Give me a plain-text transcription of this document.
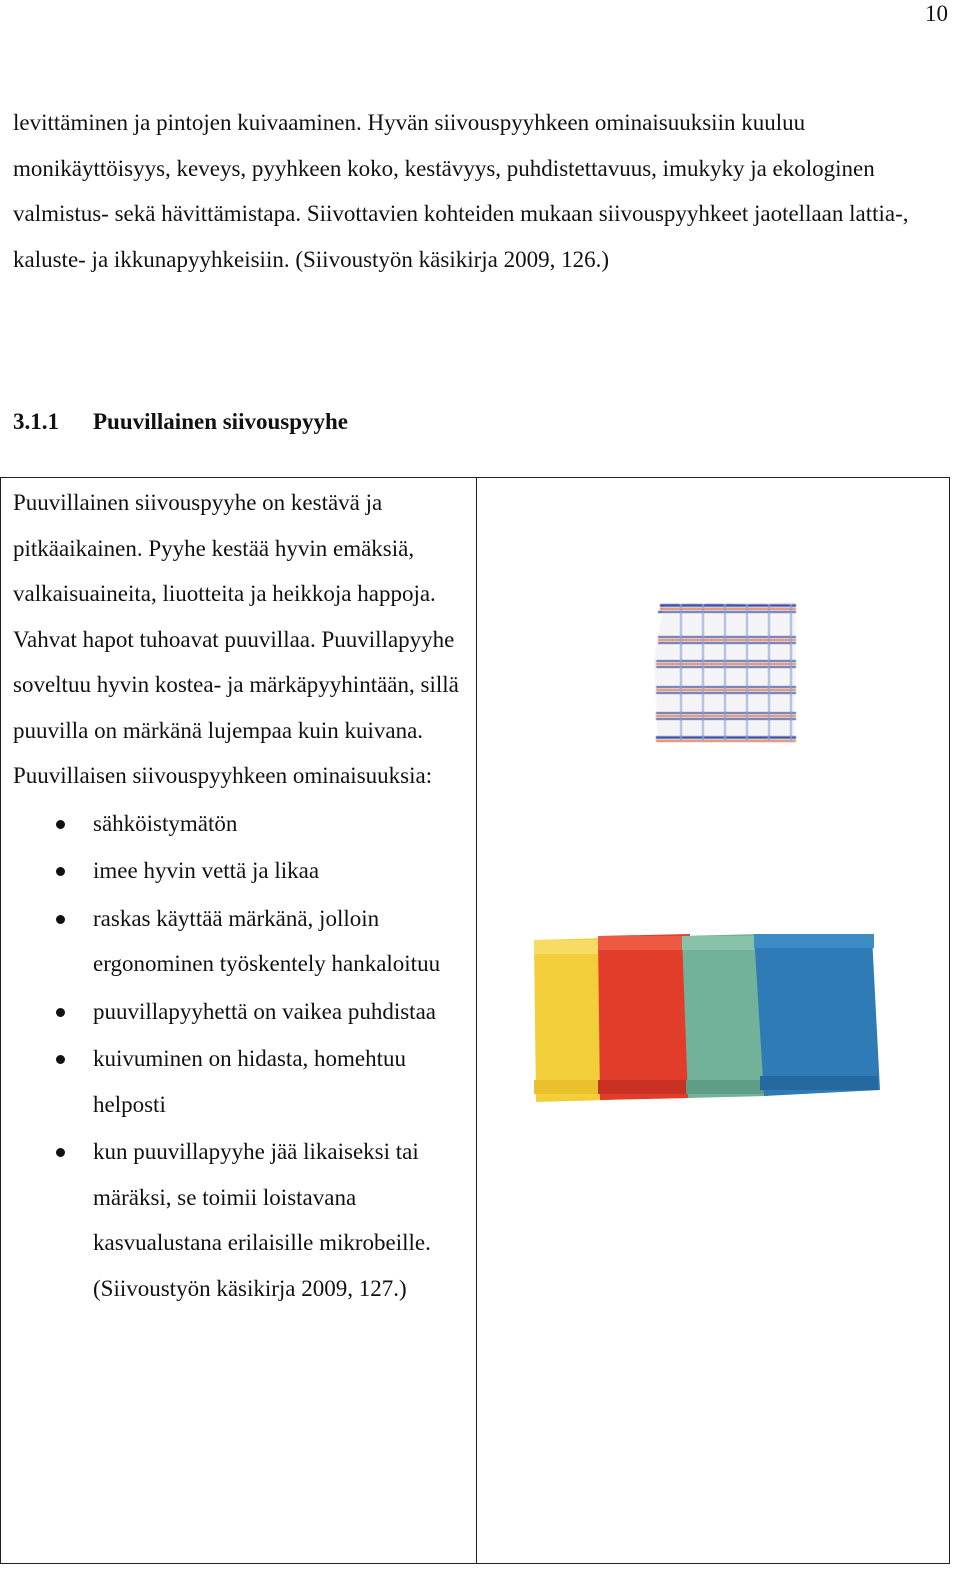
10

levittäminen ja pintojen kuivaaminen. Hyvän siivouspyyhkeen ominaisuuksiin kuuluu monikäyttöisyys, keveys, pyyhkeen koko, kestävyys, puhdistettavuus, imukyky ja ekologinen valmistus- sekä hävittämistapa. Siivottavien kohteiden mukaan siivouspyyhkeet jaotellaan lattia-, kaluste- ja ikkunapyyhkeisiin. (Siivoustyön käsikirja 2009, 126.)

3.1.1 Puuvillainen siivouspyyhe

Puuvillainen siivouspyyhe on kestävä ja pitkäaikainen. Pyyhe kestää hyvin emäksiä, valkaisuaineita, liuotteita ja heikkoja happoja. Vahvat hapot tuhoavat puuvillaa. Puuvillapyyhe soveltuu hyvin kostea- ja märkäpyyhintään, sillä puuvilla on märkänä lujempaa kuin kuivana. Puuvillaisen siivouspyyhkeen ominaisuuksia:

sähköistymätön
imee hyvin vettä ja likaa
raskas käyttää märkänä, jolloin ergonominen työskentely hankaloituu
puuvillapyyhettä on vaikea puhdistaa
kuivuminen on hidasta, homehtuu helposti
kun puuvillapyyhe jää likaiseksi tai märäksi, se toimii loistavana kasvualustana erilaisille mikrobeille. (Siivoustyön käsikirja 2009, 127.)
